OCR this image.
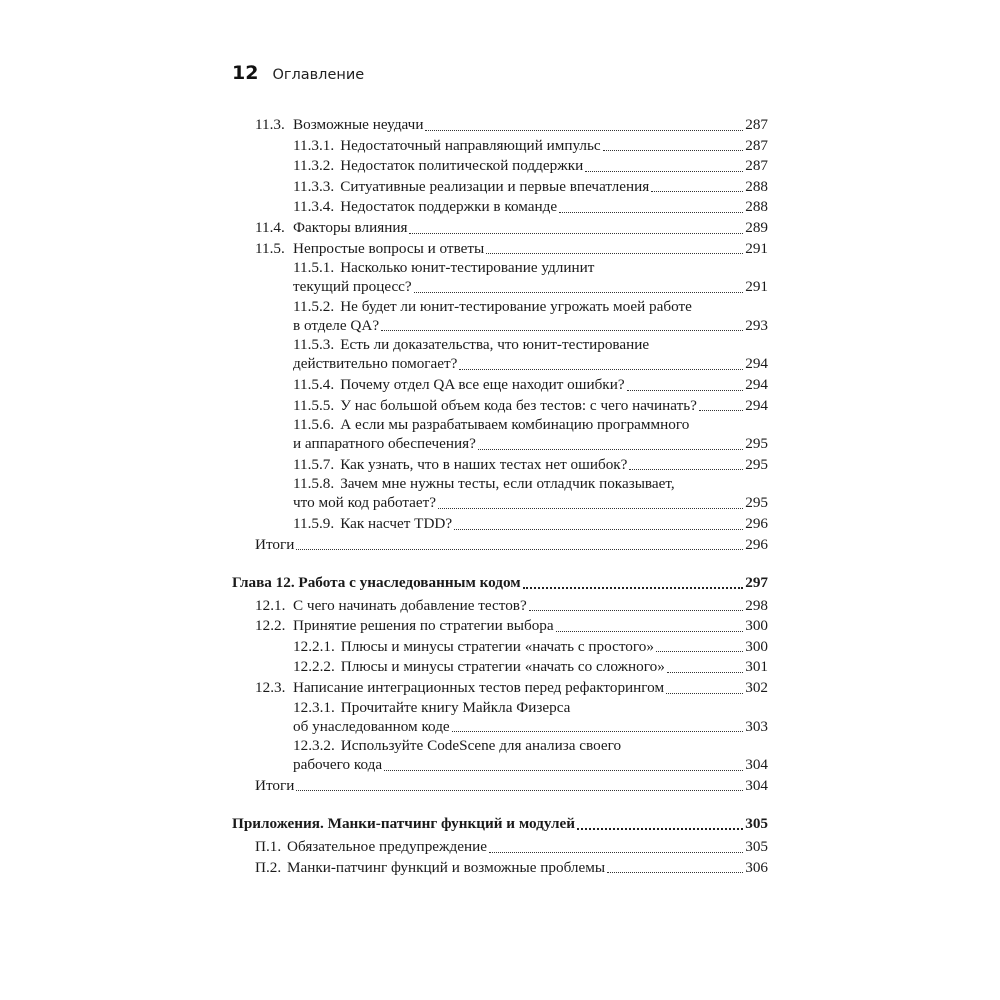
12 Оглавление
11.3. Возможные неудачи	287
11.3.1. Недостаточный направляющий импульс	287
11.3.2. Недостаток политической поддержки	287
11.3.3. Ситуативные реализации и первые впечатления	288
11.3.4. Недостаток поддержки в команде	288
11.4. Факторы влияния	289
11.5. Непростые вопросы и ответы	291
11.5.1. Насколько юнит-тестирование удлинит
текущий процесс?	291
11.5.2. Не будет ли юнит-тестирование угрожать моей работе
в отделе QA?	293
11.5.3. Есть ли доказательства, что юнит-тестирование
действительно помогает?	294
11.5.4. Почему отдел QA все еще находит ошибки?	294
11.5.5. У нас большой объем кода без тестов: с чего начинать?	294
11.5.6. А если мы разрабатываем комбинацию программного
и аппаратного обеспечения?	295
11.5.7. Как узнать, что в наших тестах нет ошибок?	295
11.5.8. Зачем мне нужны тесты, если отладчик показывает,
что мой код работает?	295
11.5.9. Как насчет TDD?	296
Итоги	296
Глава 12. Работа с унаследованным кодом	297
12.1. С чего начинать добавление тестов?	298
12.2. Принятие решения по стратегии выбора	300
12.2.1. Плюсы и минусы стратегии «начать с простого»	300
12.2.2. Плюсы и минусы стратегии «начать со сложного»	301
12.3. Написание интеграционных тестов перед рефакторингом	302
12.3.1. Прочитайте книгу Майкла Физерса
об унаследованном коде	303
12.3.2. Используйте CodeScene для анализа своего
рабочего кода	304
Итоги	304
Приложения. Манки-патчинг функций и модулей	305
П.1. Обязательное предупреждение	305
П.2. Манки-патчинг функций и возможные проблемы	306
